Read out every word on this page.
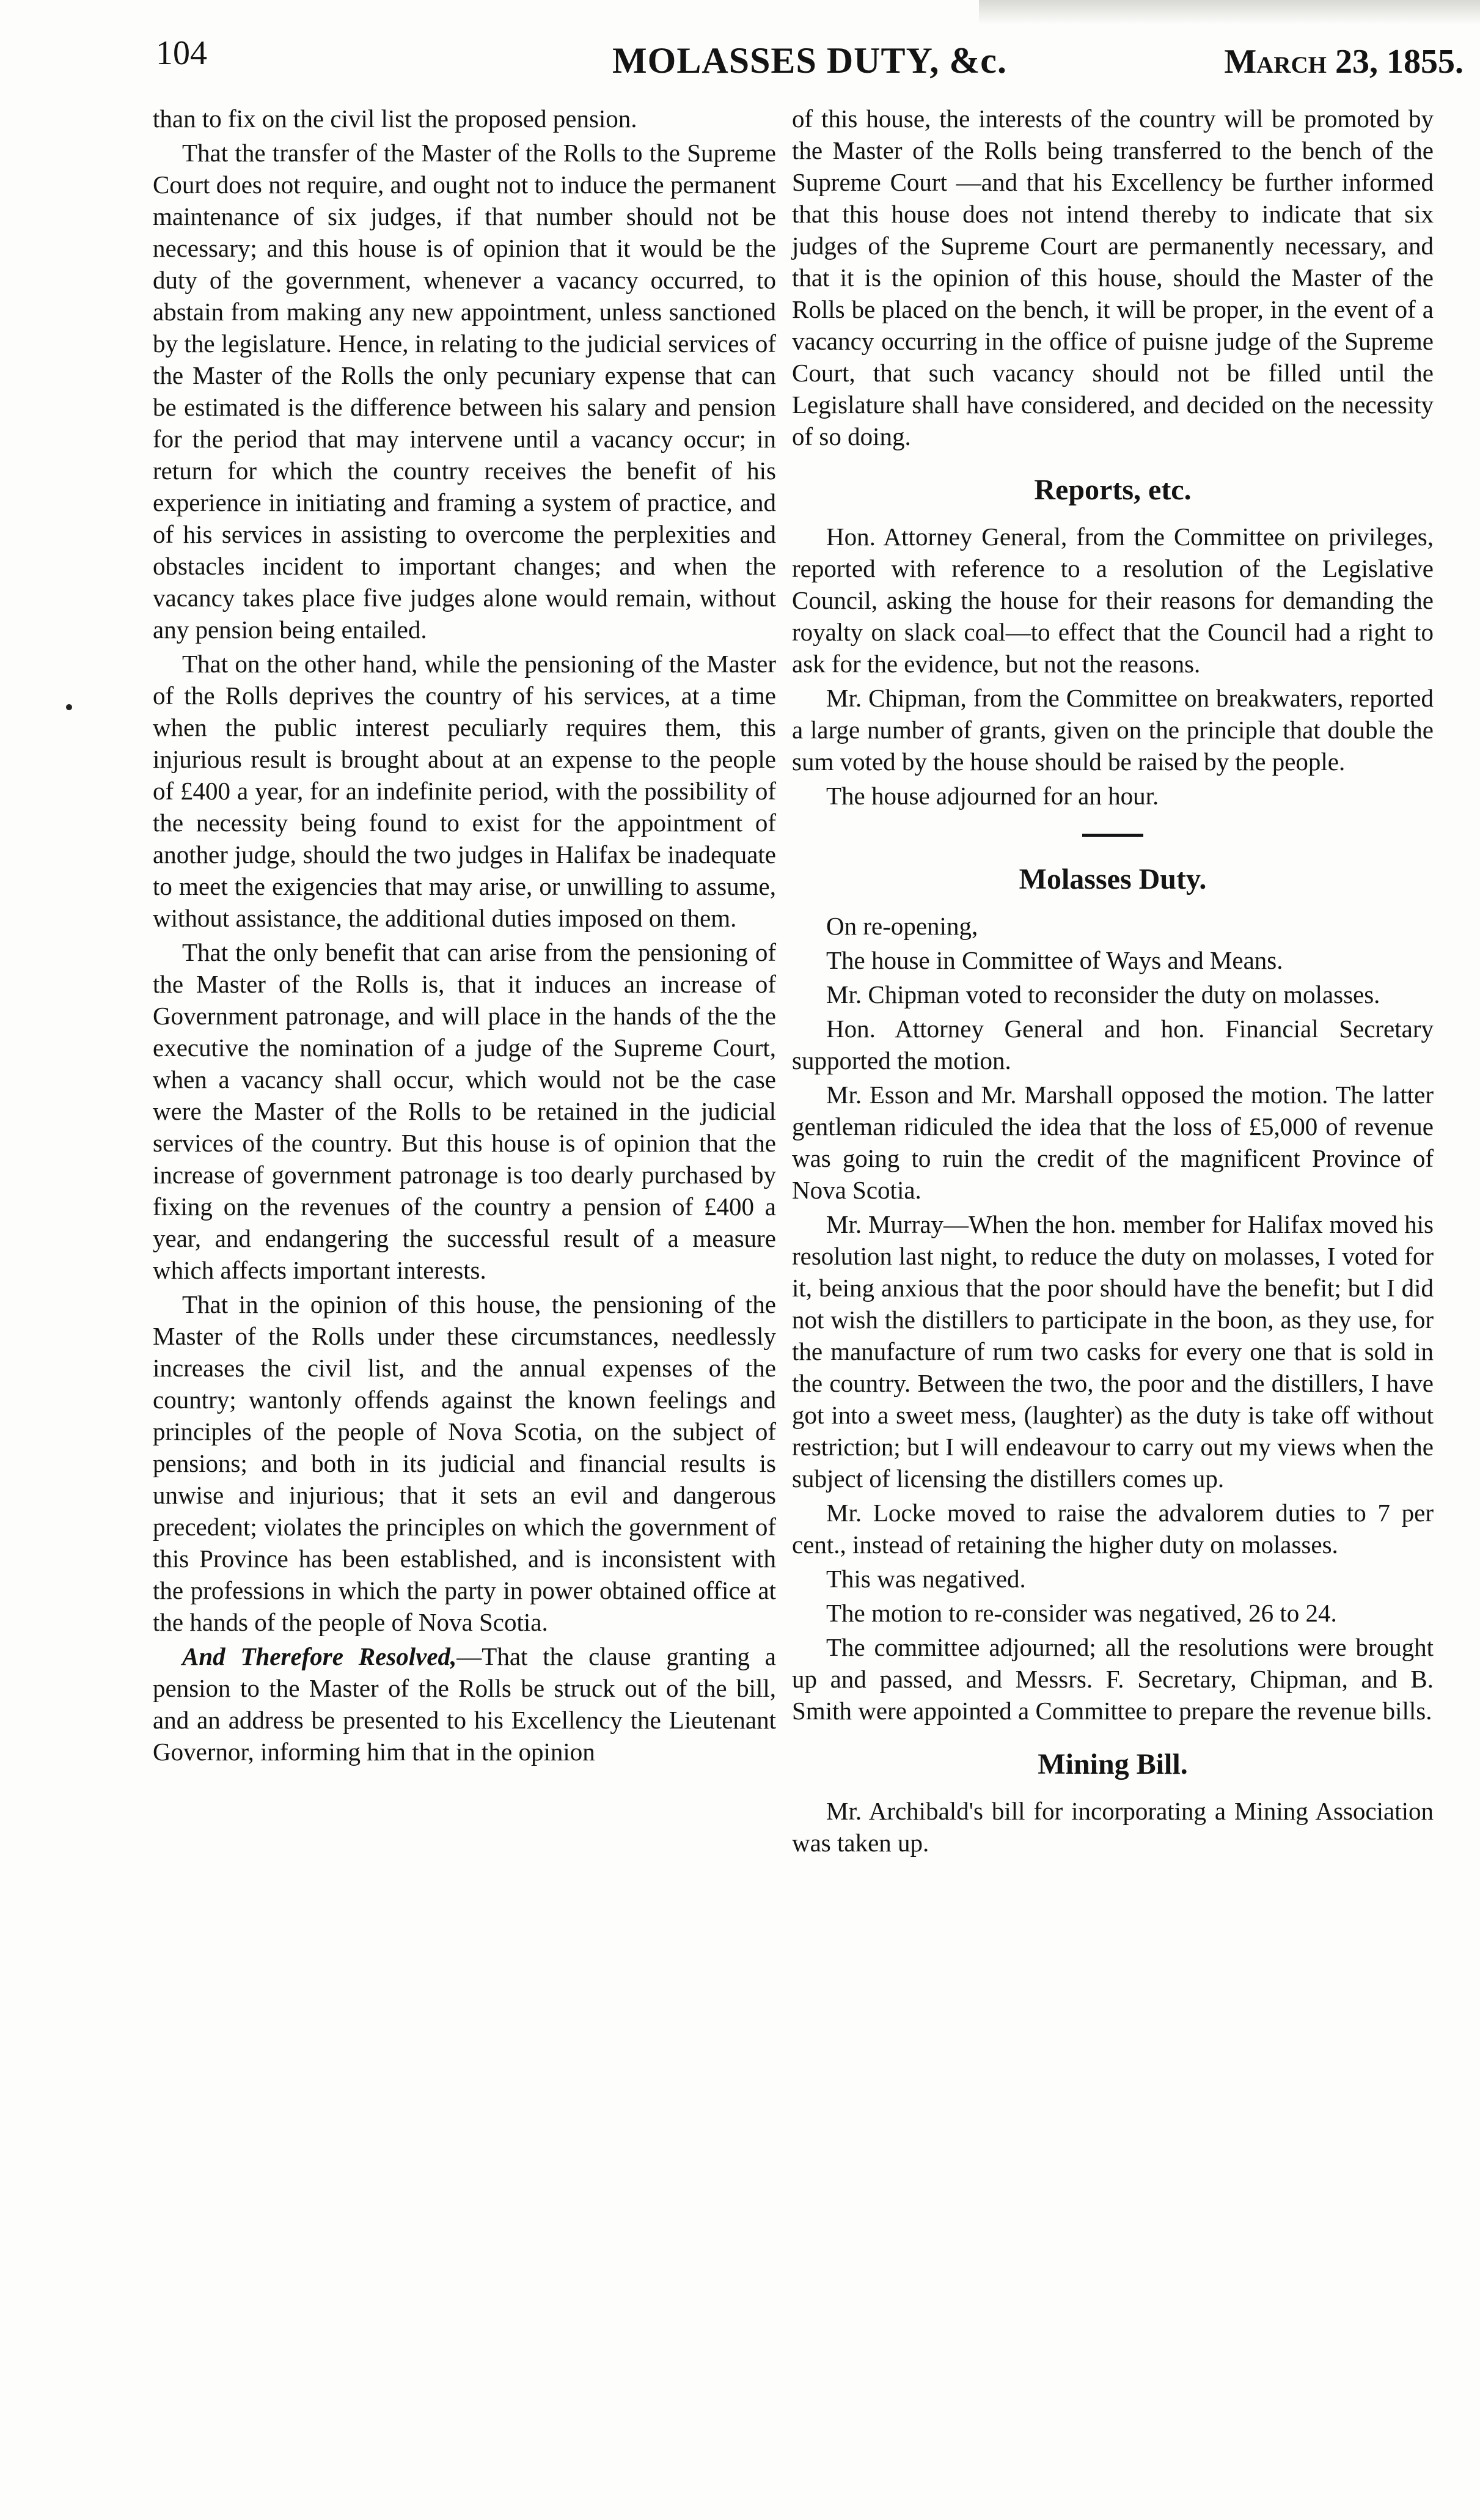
104	MOLASSES DUTY, &c.	March 23, 1855.

than to fix on the civil list the proposed pension.

That the transfer of the Master of the Rolls to the Supreme Court does not require, and ought not to induce the permanent maintenance of six judges, if that number should not be necessary; and this house is of opinion that it would be the duty of the government, whenever a vacancy occurred, to abstain from making any new appointment, unless sanctioned by the legislature. Hence, in relating to the judicial services of the Master of the Rolls the only pecuniary expense that can be estimated is the difference between his salary and pension for the period that may intervene until a vacancy occur; in return for which the country receives the benefit of his experience in initiating and framing a system of practice, and of his services in assisting to overcome the perplexities and obstacles incident to important changes; and when the vacancy takes place five judges alone would remain, without any pension being entailed.

That on the other hand, while the pensioning of the Master of the Rolls deprives the country of his services, at a time when the public interest peculiarly requires them, this injurious result is brought about at an expense to the people of £400 a year, for an indefinite period, with the possibility of the necessity being found to exist for the appointment of another judge, should the two judges in Halifax be inadequate to meet the exigencies that may arise, or unwilling to assume, without assistance, the additional duties imposed on them.

That the only benefit that can arise from the pensioning of the Master of the Rolls is, that it induces an increase of Government patronage, and will place in the hands of the the executive the nomination of a judge of the Supreme Court, when a vacancy shall occur, which would not be the case were the Master of the Rolls to be retained in the judicial services of the country. But this house is of opinion that the increase of government patronage is too dearly purchased by fixing on the revenues of the country a pension of £400 a year, and endangering the successful result of a measure which affects important interests.

That in the opinion of this house, the pensioning of the Master of the Rolls under these circumstances, needlessly increases the civil list, and the annual expenses of the country; wantonly offends against the known feelings and principles of the people of Nova Scotia, on the subject of pensions; and both in its judicial and financial results is unwise and injurious; that it sets an evil and dangerous precedent; violates the principles on which the government of this Province has been established, and is inconsistent with the professions in which the party in power obtained office at the hands of the people of Nova Scotia.

And Therefore Resolved,—That the clause granting a pension to the Master of the Rolls be struck out of the bill, and an address be presented to his Excellency the Lieutenant Governor, informing him that in the opinion

of this house, the interests of the country will be promoted by the Master of the Rolls being transferred to the bench of the Supreme Court —and that his Excellency be further informed that this house does not intend thereby to indicate that six judges of the Supreme Court are permanently necessary, and that it is the opinion of this house, should the Master of the Rolls be placed on the bench, it will be proper, in the event of a vacancy occurring in the office of puisne judge of the Supreme Court, that such vacancy should not be filled until the Legislature shall have considered, and decided on the necessity of so doing.

Reports, etc.

Hon. Attorney General, from the Committee on privileges, reported with reference to a resolution of the Legislative Council, asking the house for their reasons for demanding the royalty on slack coal—to effect that the Council had a right to ask for the evidence, but not the reasons.

Mr. Chipman, from the Committee on breakwaters, reported a large number of grants, given on the principle that double the sum voted by the house should be raised by the people.

The house adjourned for an hour.

Molasses Duty.

On re-opening,

The house in Committee of Ways and Means.

Mr. Chipman voted to reconsider the duty on molasses.

Hon. Attorney General and hon. Financial Secretary supported the motion.

Mr. Esson and Mr. Marshall opposed the motion. The latter gentleman ridiculed the idea that the loss of £5,000 of revenue was going to ruin the credit of the magnificent Province of Nova Scotia.

Mr. Murray—When the hon. member for Halifax moved his resolution last night, to reduce the duty on molasses, I voted for it, being anxious that the poor should have the benefit; but I did not wish the distillers to participate in the boon, as they use, for the manufacture of rum two casks for every one that is sold in the country. Between the two, the poor and the distillers, I have got into a sweet mess, (laughter) as the duty is take off without restriction; but I will endeavour to carry out my views when the subject of licensing the distillers comes up.

Mr. Locke moved to raise the advalorem duties to 7 per cent., instead of retaining the higher duty on molasses.

This was negatived.

The motion to re-consider was negatived, 26 to 24.

The committee adjourned; all the resolutions were brought up and passed, and Messrs. F. Secretary, Chipman, and B. Smith were appointed a Committee to prepare the revenue bills.

Mining Bill.

Mr. Archibald's bill for incorporating a Mining Association was taken up.
